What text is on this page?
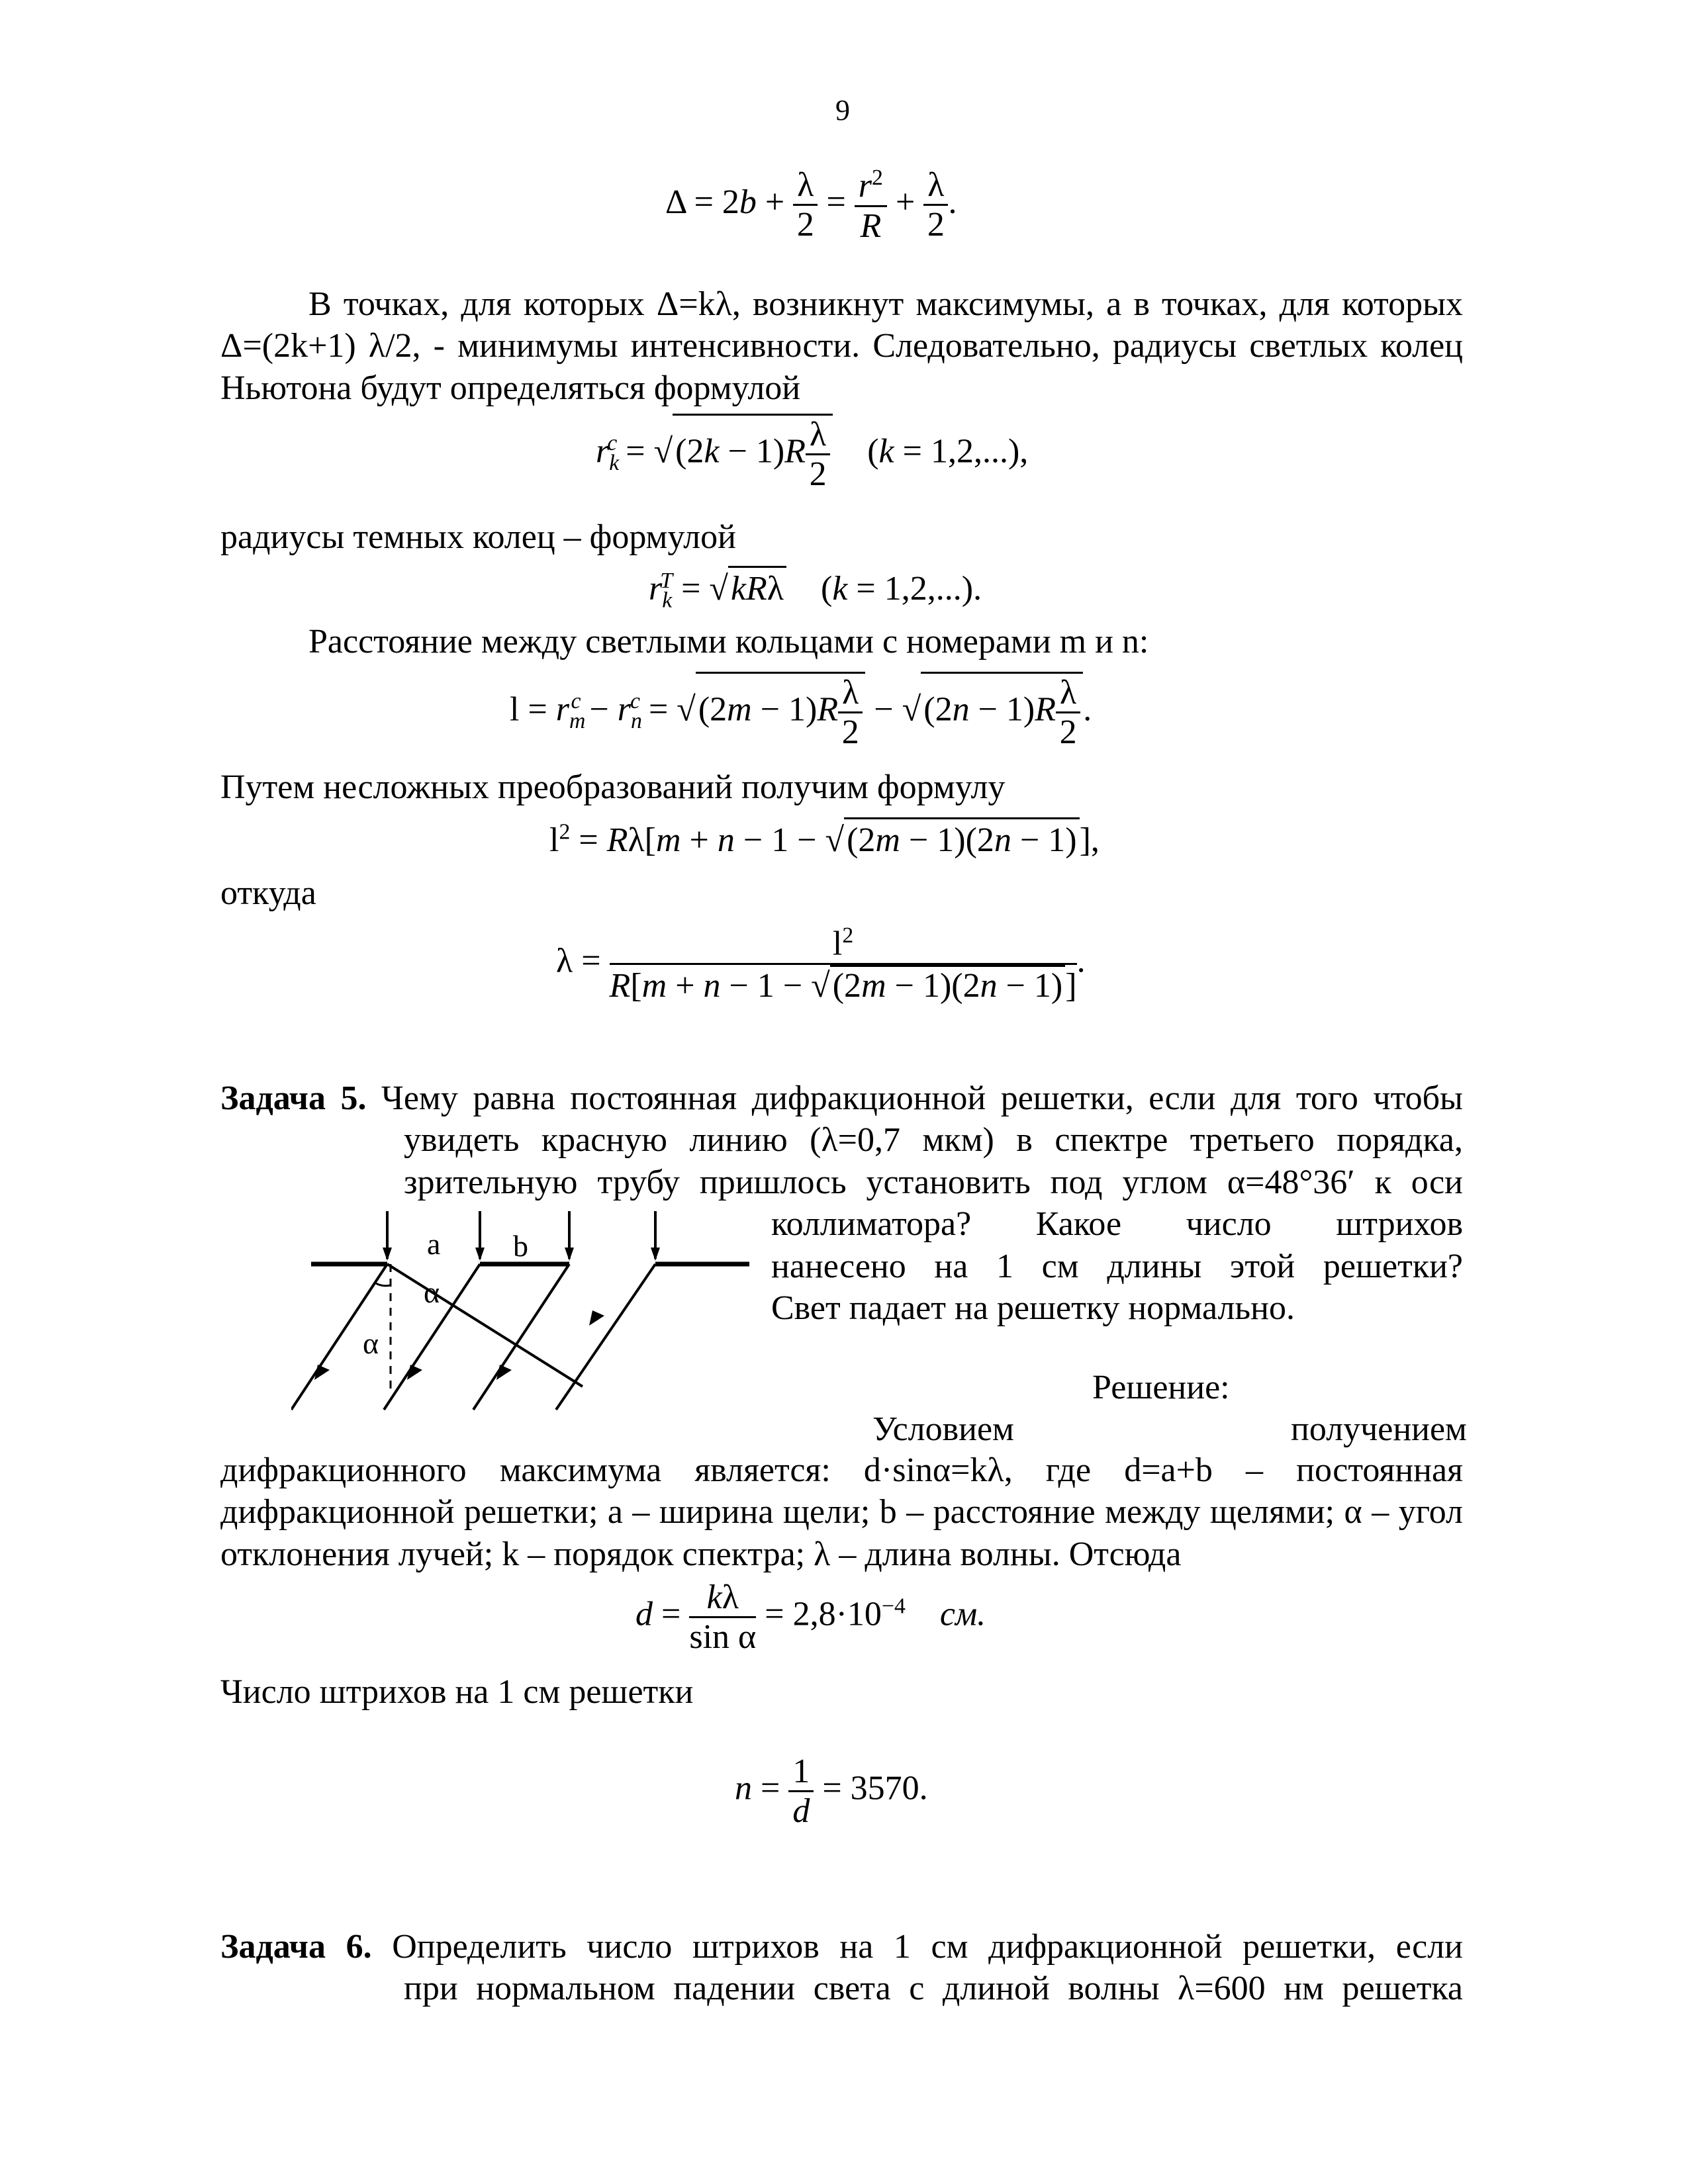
9
$\Delta = 2b + \frac{\lambda}{2} = \frac{r^2}{R} + \frac{\lambda}{2}$ .
В точках, для которых Δ=kλ, возникнут максимумы, а в точках, для которых Δ=(2k+1) λ/2, - минимумы интенсивности. Следовательно, радиусы светлых колец Ньютона будут определяться формулой
$r_k^c = √(2k - 1)R \frac{\lambda}{2} (k = 1,2,...)$,
радиусы темных колец – формулой
$r_k^T = √kR\lambda$    (k = 1,2,...).
Расстояние между светлыми кольцами с номерами m и n:
$l = r_m^c - r_n^c = √(2m - 1)R \frac{\lambda}{2} - √(2n - 1)R \frac{\lambda}{2}$ .
Путем несложных преобразований получим формулу
$l^2 = R\lambda[m + n - 1 - √(2m - 1)(2n - 1)]$,
откуда
$\lambda = \frac{l^2}{R[m + n - 1 - √(2m - 1)(2n - 1)]}$ .
Задача 5. Чему равна постоянная дифракционной решетки, если для того чтобы
увидеть красную линию (λ=0,7 мкм) в спектре третьего порядка,
зрительную трубу пришлось установить под углом α=48°36′ к оси
коллиматора? Какое число штрихов
нанесено на 1 см длины этой решетки?
Свет падает на решетку нормально.
a b
α
α
Решение:
Условием	получением
дифракционного максимума является: d·sinα=kλ, где d=a+b – постоянная дифракционной решетки; a – ширина щели; b – расстояние между щелями; α – угол отклонения лучей; k – порядок спектра; λ – длина волны. Отсюда
$d = \frac{k\lambda}{\text{sin α}} = 2,8\cdot 10^{-4}$ см.
Число штрихов на 1 см решетки
$n = \frac{1}{d} = 3570$.
Задача 6. Определить число штрихов на 1 см дифракционной решетки, если
при нормальном падении света с длиной волны λ=600 нм решетка
